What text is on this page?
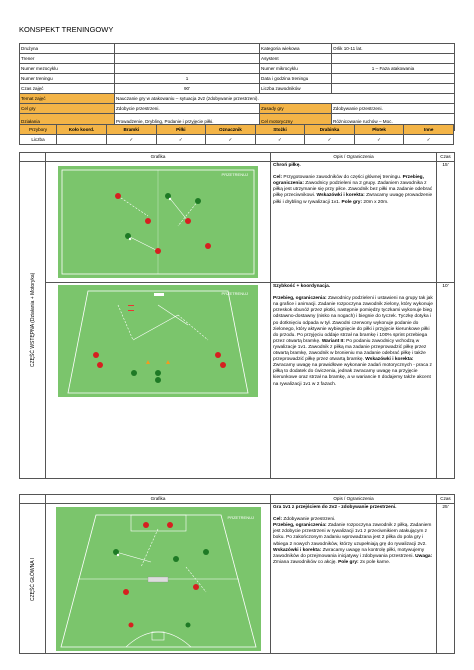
KONSPEKT TRENINGOWY
Drużyna		Kategoria wiekowa	Orlik 10-11 lat.
Trener		Asystent	
Numer mezocyklu		Numer mikrocyklu	1 – Faza atakowania
Numer treningu	1	Data i godzina treningu	
Czas zajęć	90'	Liczba zawodników	
Temat zajęć	Nauczanie gry w atakowaniu – sytuacja 2v2 (zdobywanie przestrzeni).		
Cel gry	Zdobycie przestrzeni.	Zasady gry	Zdobywanie przestrzeni.
Działania	Prowadzenie, Drybling, Podanie i przyjęcie piłki.	Cel motoryczny	Różnicowanie ruchów – Moc.
Przybory	Koło koord.	Bramki	Piłki	Oznacznik	Stożki	Drabinka	Płotek	Inne
Liczba		✓	✓	✓	✓	✓	✓	✓
	Grafika	Opis / Ograniczenia	Czas

CZĘŚĆ WSTĘPNA (Działania + Motoryka)	PRZETRENUJ	Chroń piłkę.

Cel: Przygotowanie zawodników do części głównej treningu. Przebieg, ograniczenia: Zawodnicy podzieleni na 2 grupy. Zadaniem zawodnika z piłką jest utrzymanie się przy piłce. Zawodnik bez piłki ma zadanie odebrać piłkę przeciwnikowi. Wskazówki i korekta: Zwracamy uwagę prowadzenie piłki i drybling w rywalizacji 1v1. Pole gry: 20m x 20m.	15'

PRZETRENUJ	Szybkość + koordynacja.

Przebieg, ograniczenia: Zawodnicy podzieleni i ustawieni na grupy tak jak na grafice i animacji. Zadanie rozpoczyna zawodnik zielony, który wykonuje przeskok obunóż przez płotki, następnie pomiędzy tyczkami wykonuje bieg odstawno-dostawny (nisko na nogach) i biegnie do tyczek. Tyczkę dotyka i po dotknięciu odpada w tył. Zawodni czerwony wykonuje podanie do zielonego, który aktywnie wybiegnięcie do piłki i przyjęcie kierunkowe piłki do przodu. Po przyjęciu oddaje strzał na bramkę i 100% sprint przebiega przez otwartą bramkę. Wariant II: Po podaniu zawodnicy wchodzą w rywalizacje 1v1. Zawodnik z piłką ma zadanie przeprowadzić piłkę przez otwartą bramkę, zawodnik w bronieniu ma zadanie odebrać piłkę i także przeprowadzić piłkę przez otwartą bramkę. Wskazówki i korekta: Zwracamy uwagę na prawidłowe wykonanie zadań motorycznych - praca z piłką to dodatek do ćwiczenia, jednak zwracamy uwagę na przyjęcie kierunkowe oraz strzał na bramkę, a w wariancie II dodajemy także akcent na rywalizacji 1v1 w 2 fazach.	10'
	Grafika	Opis / Ograniczenia	Czas

CZĘŚĆ GŁÓWNA I	PRZETRENUJ	Gra 1v1 z przejściem do 2v2 - zdobywanie przestrzeni.

Cel: Zdobywanie przestrzeni.
Przebieg, ograniczenia: Zadanie rozpoczyna zawodnik z piłką. Zadaniem jest zdobycie przestrzeni w rywalizacji 1v1 z przeciwnikiem atakującym z boku. Po zakończonym zadaniu wprowadzana jest 2 piłka do pola gry i wbiega 2 nowych zawodników, którzy uzupełniają grę do rywalizacji 2v2. Wskazówki i korekta: Zwracamy uwagę na kontrolę piłki, motywujemy zawodników do przejmowania inicjatywy i zdobywania przestrzeni. Uwaga: Zmiana zawodników co akcję. Pole gry: 2x pole karne.	25'
